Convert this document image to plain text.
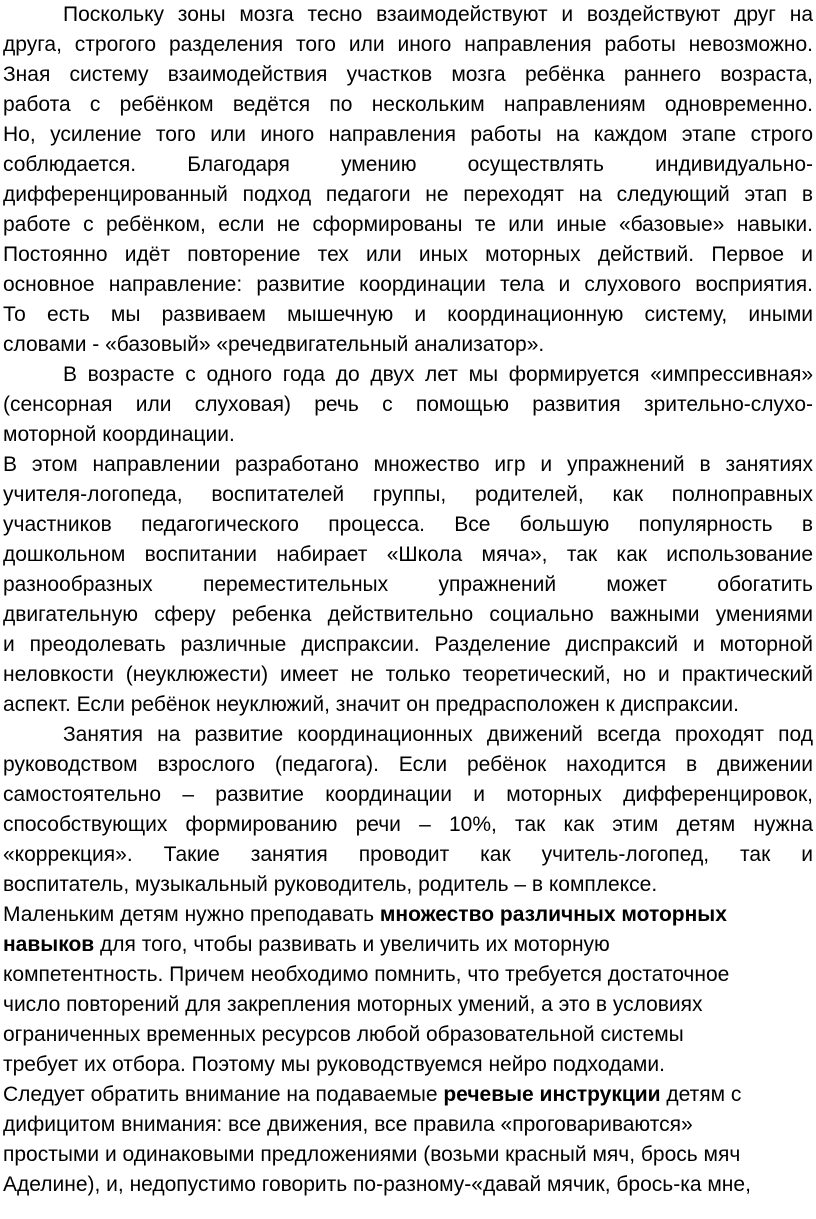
Поскольку зоны мозга тесно взаимодействуют и воздействуют друг на
друга, строгого разделения того или иного направления работы невозможно.
Зная систему взаимодействия участков мозга ребёнка раннего возраста,
работа с ребёнком ведётся по нескольким направлениям одновременно.
Но, усиление того или иного направления работы на каждом этапе строго
соблюдается. Благодаря умению осуществлять индивидуально-
дифференцированный подход педагоги не переходят на следующий этап в
работе с ребёнком, если не сформированы те или иные «базовые» навыки.
Постоянно идёт повторение тех или иных моторных действий. Первое и
основное направление: развитие координации тела и слухового восприятия.
То есть мы развиваем мышечную и координационную систему, иными
словами - «базовый» «речедвигательный анализатор».
В возрасте с одного года до двух лет мы формируется «импрессивная»
(сенсорная или слуховая) речь с помощью развития зрительно-слухо-
моторной координации.
В этом направлении разработано множество игр и упражнений в занятиях
учителя-логопеда, воспитателей группы, родителей, как полноправных
участников педагогического процесса. Все большую популярность в
дошкольном воспитании набирает «Школа мяча», так как использование
разнообразных переместительных упражнений может обогатить
двигательную сферу ребенка действительно социально важными умениями
и преодолевать различные диспраксии. Разделение диспраксий и моторной
неловкости (неуклюжести) имеет не только теоретический, но и практический
аспект. Если ребёнок неуклюжий, значит он предрасположен к диспраксии.
Занятия на развитие координационных движений всегда проходят под
руководством взрослого (педагога). Если ребёнок находится в движении
самостоятельно – развитие координации и моторных дифференцировок,
способствующих формированию речи – 10%, так как этим детям нужна
«коррекция». Такие занятия проводит как учитель-логопед, так и
воспитатель, музыкальный руководитель, родитель – в комплексе.
Маленьким детям нужно преподавать множество различных моторных
навыков для того, чтобы развивать и увеличить их моторную
компетентность. Причем необходимо помнить, что требуется достаточное
число повторений для закрепления моторных умений, а это в условиях
ограниченных временных ресурсов любой образовательной системы
требует их отбора. Поэтому мы руководствуемся нейро подходами.
Следует обратить внимание на подаваемые речевые инструкции детям с
дифицитом внимания: все движения, все правила «проговариваются»
простыми и одинаковыми предложениями (возьми красный мяч, брось мяч
Аделине), и, недопустимо говорить по-разному-«давай мячик, брось-ка мне,
